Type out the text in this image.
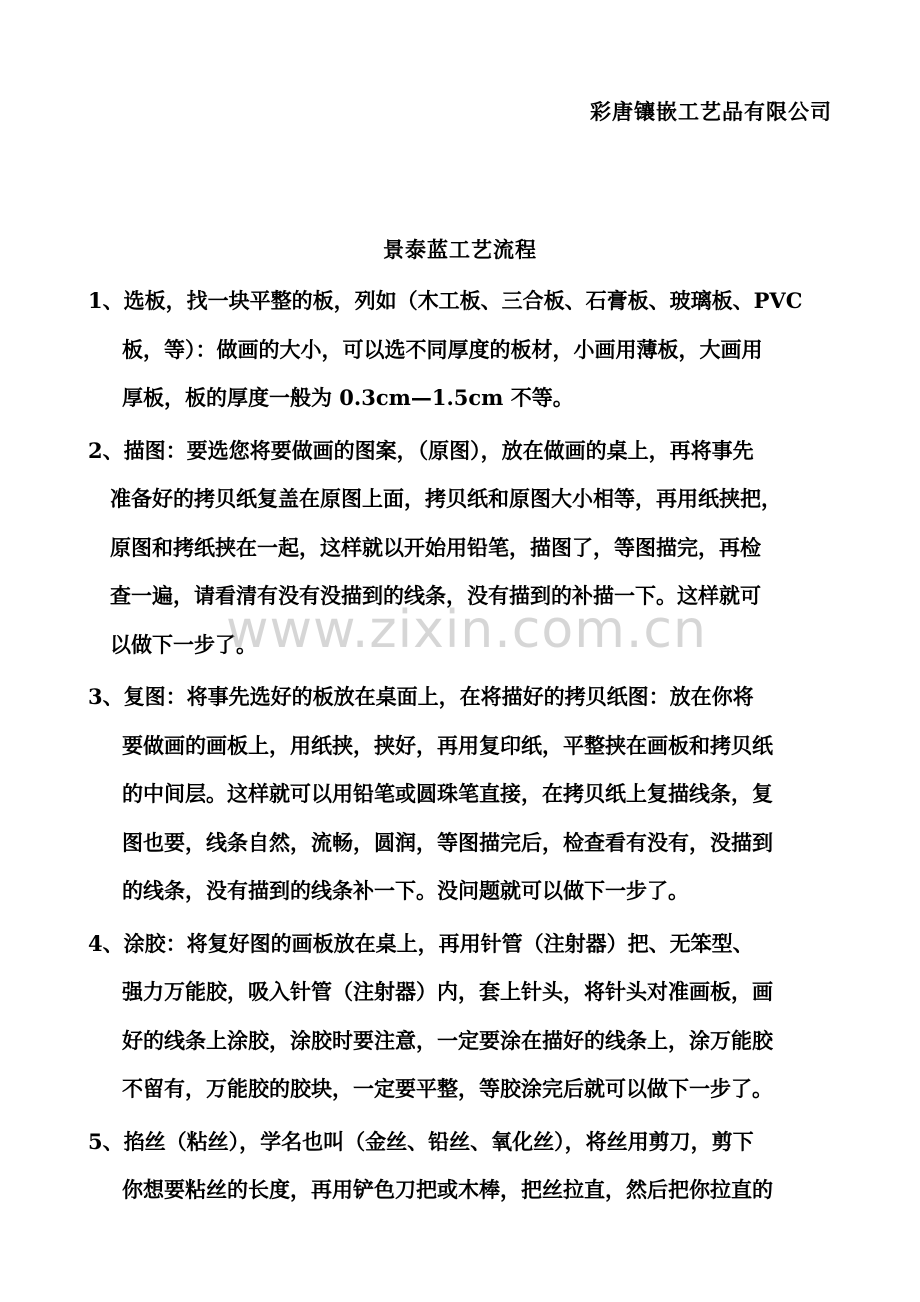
彩唐镶嵌工艺品有限公司
景泰蓝工艺流程
1、选板，找一块平整的板，列如（木工板、三合板、石膏板、玻璃板、PVC
板，等）：做画的大小，可以选不同厚度的板材，小画用薄板，大画用
厚板，板的厚度一般为 0.3cm—1.5cm 不等。
2、描图：要选您将要做画的图案，（原图），放在做画的桌上，再将事先
准备好的拷贝纸复盖在原图上面，拷贝纸和原图大小相等，再用纸挟把，
原图和拷纸挟在一起，这样就以开始用铅笔，描图了，等图描完，再检
查一遍，请看清有没有没描到的线条，没有描到的补描一下。这样就可
以做下一步了。
3、复图：将事先选好的板放在桌面上，在将描好的拷贝纸图：放在你将
要做画的画板上，用纸挟，挟好，再用复印纸，平整挟在画板和拷贝纸
的中间层。这样就可以用铅笔或圆珠笔直接，在拷贝纸上复描线条，复
图也要，线条自然，流畅，圆润，等图描完后，检查看有没有，没描到
的线条，没有描到的线条补一下。没问题就可以做下一步了。
4、涂胶：将复好图的画板放在桌上，再用针管（注射器）把、无笨型、
强力万能胶，吸入针管（注射器）内，套上针头，将针头对准画板，画
好的线条上涂胶，涂胶时要注意，一定要涂在描好的线条上，涂万能胶
不留有，万能胶的胶块，一定要平整，等胶涂完后就可以做下一步了。
5、掐丝（粘丝），学名也叫（金丝、铅丝、氧化丝），将丝用剪刀，剪下
你想要粘丝的长度，再用铲色刀把或木棒，把丝拉直，然后把你拉直的
www.zixin.com.cn
